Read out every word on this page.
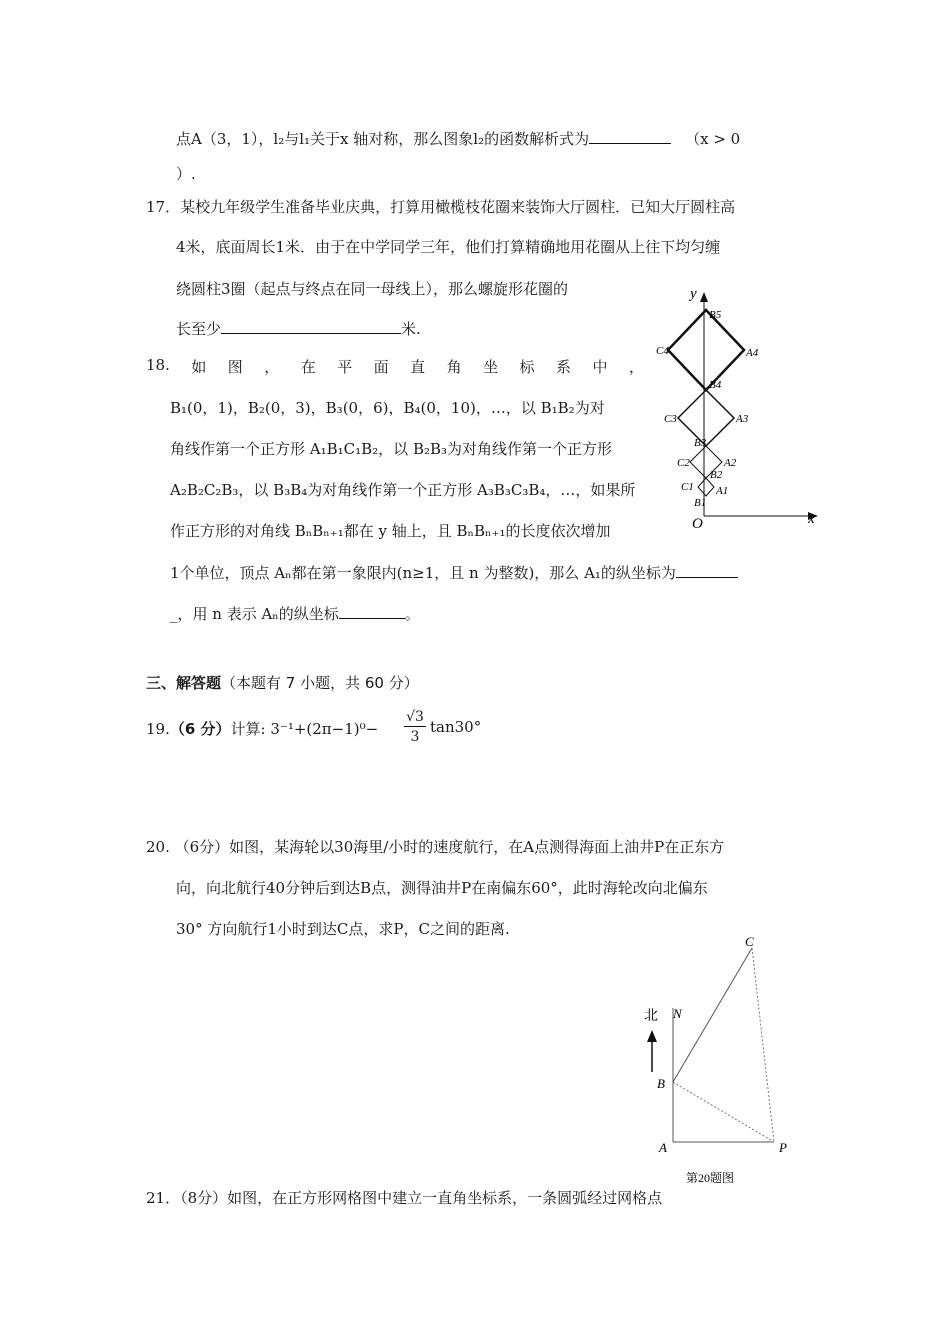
点A（3，1），l₂与l₁关于x 轴对称，那么图象l₂的函数解析式为	（x > 0
）.
17．某校九年级学生准备毕业庆典，打算用橄榄枝花圈来装饰大厅圆柱．已知大厅圆柱高
4米，底面周长1米．由于在中学同学三年，他们打算精确地用花圈从上往下均匀缠
绕圆柱3圈（起点与终点在同一母线上），那么螺旋形花圈的
长至少	米.
18. 如 图 ， 在 平 面 直 角 坐 标 系 中 ，
B₁(0，1)，B₂(0，3)，B₃(0，6)，B₄(0，10)，…，以 B₁B₂为对
角线作第一个正方形 A₁B₁C₁B₂，以 B₂B₃为对角线作第一个正方形
A₂B₂C₂B₃，以 B₃B₄为对角线作第一个正方形 A₃B₃C₃B₄，…，如果所
作正方形的对角线 BₙBₙ₊₁都在 y 轴上，且 BₙBₙ₊₁的长度依次增加
1个单位，顶点 Aₙ都在第一象限内(n≥1，且 n 为整数)，那么 A₁的纵坐标为
_，用 n 表示 Aₙ的纵坐标	。
y
x
O
B5
B4
B3
B2
B1
A4
A3
A2
A1
C4
C3
C2
C1
三、解答题（本题有 7 小题，共 60 分）
19.（6 分）计算: $3^{-1}+(2\pi-1)^0- \frac{√3}{3} \tan 30^\circ$
20. （6分）如图，某海轮以30海里/小时的速度航行，在A点测得海面上油井P在正东方
向，向北航行40分钟后到达B点，测得油井P在南偏东60°，此时海轮改向北偏东
30° 方向航行1小时到达C点，求P，C之间的距离.
北 N
B
A	P
C
第20题图
21．（8分）如图，在正方形网格图中建立一直角坐标系，一条圆弧经过网格点
